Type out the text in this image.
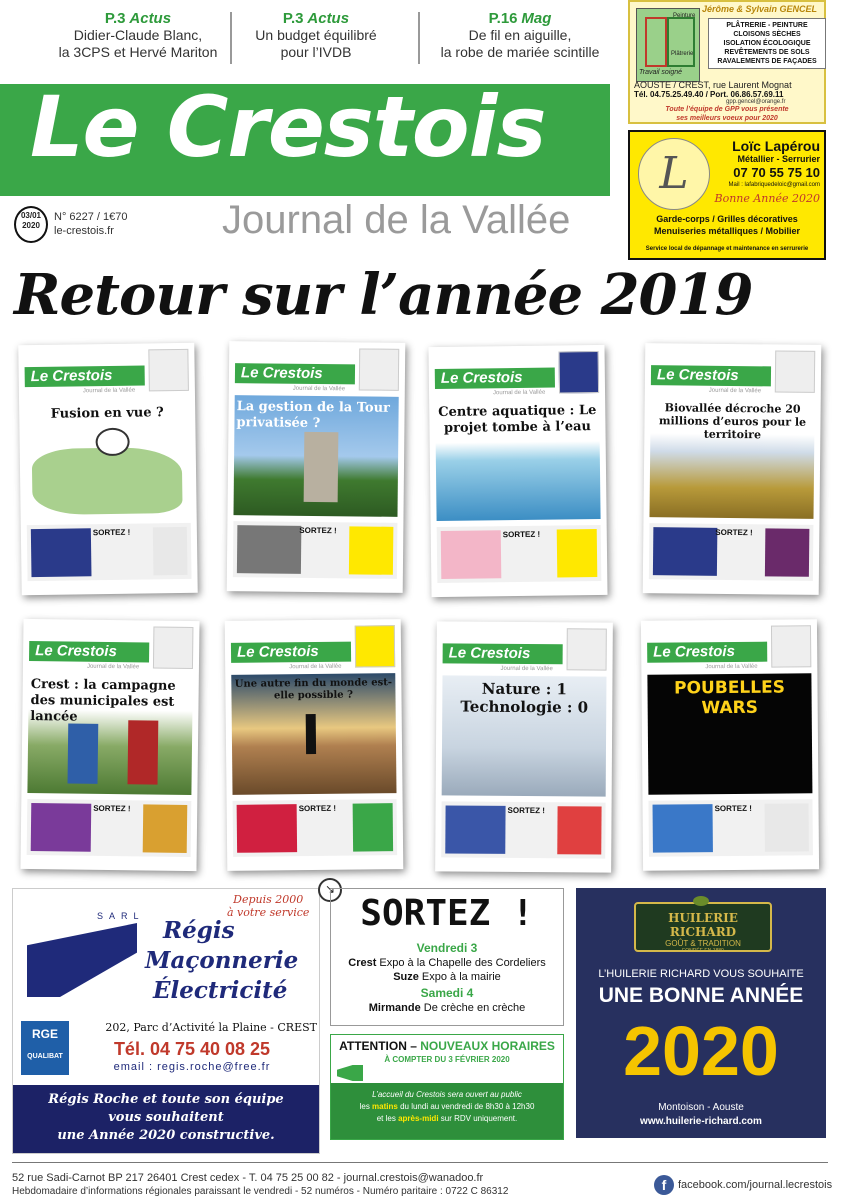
P.3 Actus
Didier-Claude Blanc,
la 3CPS et Hervé Mariton
P.3 Actus
Un budget équilibré
pour l’IVDB
P.16 Mag
De fil en aiguille,
la robe de mariée scintille
Le Crestois
03/01
2020
N° 6227 / 1€70
le-crestois.fr	Journal de la Vallée
Peinture
Plâtrerie
Travail soigné
Jérôme & Sylvain GENCEL
PLÂTRERIE - PEINTURE
CLOISONS SÈCHES
ISOLATION ÉCOLOGIQUE
REVÊTEMENTS DE SOLS
RAVALEMENTS DE FAÇADES
AOUSTE / CREST, rue Laurent Mognat
Tél. 04.75.25.49.40 / Port. 06.86.57.69.11
gpp.gencel@orange.fr
Toute l’équipe de GPP vous présente
ses meilleurs voeux pour 2020
L
Loïc Lapérou
Métallier - Serrurier
07 70 55 75 10
Mail : lafabriquedeloic@gmail.com
Bonne Année 2020
Garde-corps / Grilles décoratives
Menuiseries métalliques / Mobilier
Service local de dépannage et maintenance en serrurerie
Retour sur l’année 2019
Le Crestois
Journal de la Vallée
Fusion en vue ?
SORTEZ !
Le Crestois
Journal de la Vallée
La gestion de la Tour privatisée ?
SORTEZ !
Le Crestois
Journal de la Vallée
Centre aquatique : Le projet tombe à l’eau
SORTEZ !
Le Crestois
Journal de la Vallée
Biovallée décroche 20 millions d’euros pour le territoire
SORTEZ !
Le Crestois
Journal de la Vallée
Crest : la campagne des municipales est lancée
SORTEZ !
Le Crestois
Journal de la Vallée
Une autre fin du monde est-elle possible ?
SORTEZ !
Le Crestois
Journal de la Vallée
Nature : 1 Technologie : 0
SORTEZ !
Le Crestois
Journal de la Vallée
POUBELLES WARS
SORTEZ !
Depuis 2000
à votre service
SARL
Régis
Maçonnerie
Électricité
RGE
QUALIBAT
202, Parc d’Activité la Plaine - CREST
Tél. 04 75 40 08 25
email : regis.roche@free.fr
Régis Roche et toute son équipe
vous souhaitent
une Année 2020 constructive.
↘
SORTEZ !
Vendredi 3
Crest Expo à la Chapelle des Cordeliers
Suze Expo à la mairie
Samedi 4
Mirmande De crèche en crèche
ATTENTION – NOUVEAUX HORAIRES
À COMPTER DU 3 FÉVRIER 2020
L’accueil du Crestois sera ouvert au public
les matins du lundi au vendredi de 8h30 à 12h30
et les après-midi sur RDV uniquement.
HUILERIE RICHARD
GOÛT & TRADITION
FONDÉE EN 1880
L’HUILERIE RICHARD VOUS SOUHAITE
UNE BONNE ANNÉE
2020
Montoison - Aouste
www.huilerie-richard.com
52 rue Sadi-Carnot BP 217 26401 Crest cedex - T. 04 75 25 00 82 - journal.crestois@wanadoo.fr
Hebdomadaire d’informations régionales paraissant le vendredi - 52 numéros - Numéro paritaire : 0722 C 86312	f	facebook.com/journal.lecrestois
